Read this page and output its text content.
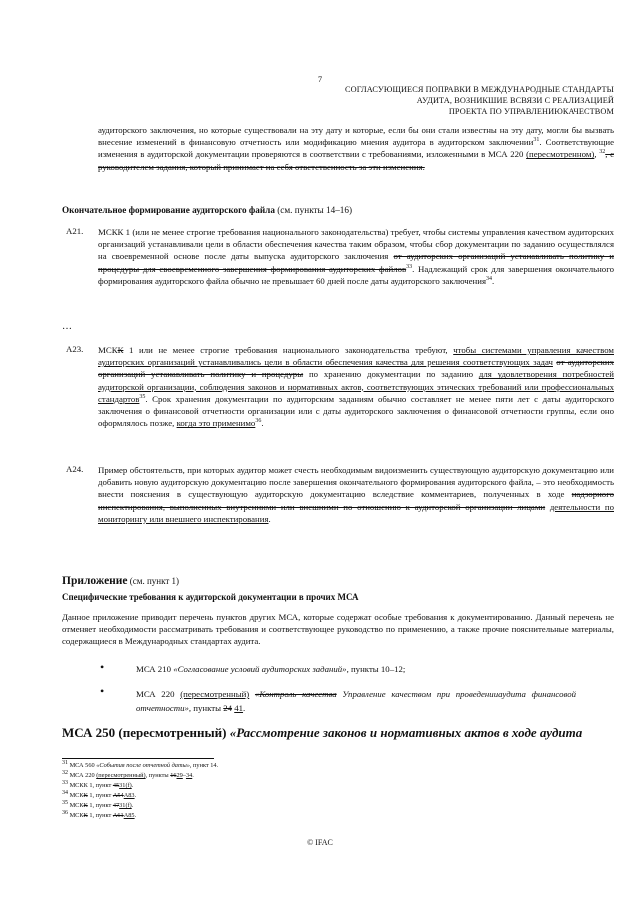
7
СОГЛАСУЮЩИЕСЯ ПОПРАВКИ В МЕЖДУНАРОДНЫЕ СТАНДАРТЫ
АУДИТА, ВОЗНИКШИЕ ВСВЯЗИ С РЕАЛИЗАЦИЕЙ
ПРОЕКТА ПО УПРАВЛЕНИЮКАЧЕСТВОМ
аудиторского заключения, но которые существовали на эту дату и которые, если бы они стали известны на эту дату, могли бы вызвать внесение изменений в финансовую отчетность или модификацию мнения аудитора в аудиторском заключении$^{31}$. Соответствующие изменения в аудиторской документации проверяются в соответствии с требованиями, изложенными в МСА 220 (пересмотренном), $^{32}$, с руководителем задания, который принимает на себя ответственность за эти изменения.
Окончательное формирование аудиторского файла (см. пункты 14–16)
A21. МСКК 1 (или не менее строгие требования национального законодательства) требует, чтобы системы управления качеством аудиторских организаций устанавливали цели в области обеспечения качества таким образом, чтобы сбор документации по заданию осуществлялся на своевременной основе после даты выпуска аудиторского заключения от аудиторских организаций устанавливать политику и процедуры для своевременного завершения формирования аудиторских файлов$^{33}$. Надлежащий срок для завершения окончательного формирования аудиторского файла обычно не превышает 60 дней после даты аудиторского заключения$^{34}$.
…
A23. МСКК 1 или не менее строгие требования национального законодательства требуют, чтобы системами управления качеством аудиторских организаций устанавливались цели в области обеспечения качества для решения соответствующих задач от аудиторских организаций устанавливать политику и процедуры по хранению документации по заданию для удовлетворения потребностей аудиторской организации, соблюдения законов и нормативных актов, соответствующих этических требований или профессиональных стандартов$^{35}$. Срок хранения документации по аудиторским заданиям обычно составляет не менее пяти лет с даты аудиторского заключения о финансовой отчетности организации или с даты аудиторского заключения о финансовой отчетности группы, если оно оформлялось позже, когда это применимо$^{36}$.
A24. Пример обстоятельств, при которых аудитор может счесть необходимым видоизменить существующую аудиторскую документацию или добавить новую аудиторскую документацию после завершения окончательного формирования аудиторского файла, – это необходимость внести пояснения в существующую аудиторскую документацию вследствие комментариев, полученных в ходе надзорного инспектирования, выполненных внутренними или внешними по отношению к аудиторской организации лицами деятельности по мониторингу или внешнего инспектирования.
Приложение (см. пункт 1)
Специфические требования к аудиторской документации в прочих МСА
Данное приложение приводит перечень пунктов других МСА, которые содержат особые требования к документированию. Данный перечень не отменяет необходимости рассматривать требования и соответствующее руководство по применению, а также прочие пояснительные материалы, содержащиеся в Международных стандартах аудита.
•	МСА 210 «Согласование условий аудиторских заданий», пункты 10–12;
•	МСА 220 (пересмотренный) «Контроль качества Управление качеством при проведенииаудита финансовой отчетности», пункты 24 41.
МСА 250 (пересмотренный) «Рассмотрение законов и нормативных актов в ходе аудита
$^{31}$ МСА 560 «События после отчетной даты», пункт 14.
$^{32}$ МСА 220 (пересмотренный), пункты 1629–34.
$^{33}$ МСКК 1, пункт 4531(f).
$^{34}$ МСКК 1, пункт A54A83.
$^{35}$ МСКК 1, пункт 4731(f).
$^{36}$ МСКК 1, пункт A61A85.
© IFAC
